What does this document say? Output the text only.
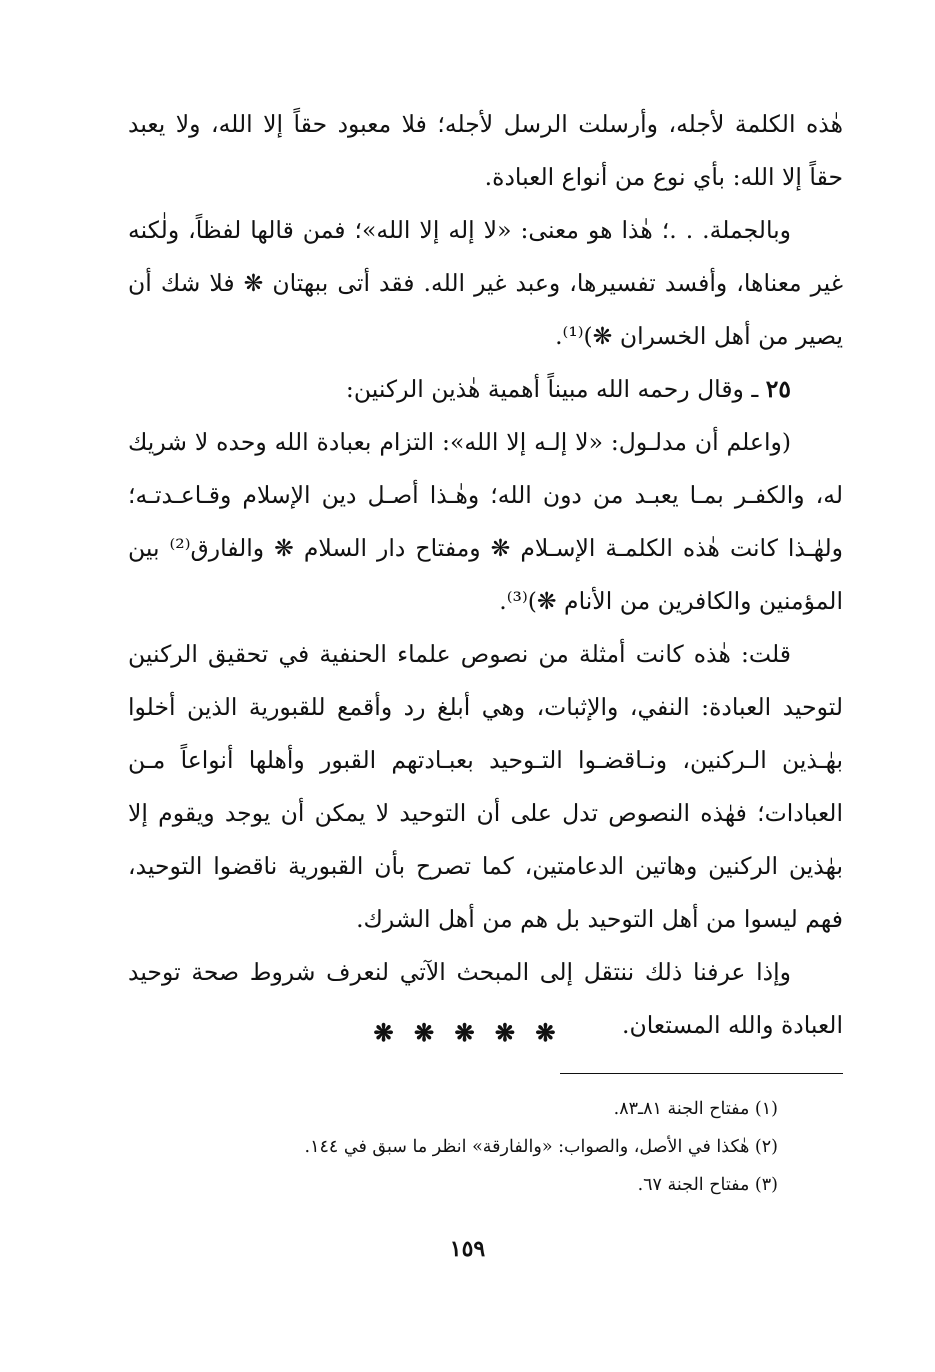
هٰذه الكلمة لأجله، وأرسلت الرسل لأجله؛ فلا معبود حقاً إلا الله، ولا يعبد حقاً إلا الله: بأي نوع من أنواع العبادة.

وبالجملة. . .؛ هٰذا هو معنى: «لا إله إلا الله»؛ فمن قالها لفظاً، ولٰكنه غير معناها، وأفسد تفسيرها، وعبد غير الله. فقد أتى ببهتان ❋ فلا شك أن يصير من أهل الخسران ❋)⁽¹⁾.

٢٥ ـ وقال رحمه الله مبيناً أهمية هٰذين الركنين:

(واعلم أن مدلـول: «لا إلـه إلا الله»: التزام بعبادة الله وحده لا شريك له، والكفـر بمـا يعبـد من دون الله؛ وهٰـذا أصـل دين الإسلام وقـاعـدتـه؛ ولهٰـذا كانت هٰذه الكلمـة الإسـلام ❋ ومفتاح دار السلام ❋ والفارق⁽²⁾ بين المؤمنين والكافرين من الأنام ❋)⁽³⁾.

قلت: هٰذه كانت أمثلة من نصوص علماء الحنفية في تحقيق الركنين لتوحيد العبادة: النفي، والإثبات، وهي أبلغ رد وأقمع للقبورية الذين أخلوا بهٰـذين الـركنين، ونـاقضـوا التـوحيد بعبـادتهم القبور وأهلها أنواعاً مـن العبادات؛ فهٰذه النصوص تدل على أن التوحيد لا يمكن أن يوجد ويقوم إلا بهٰذين الركنين وهاتين الدعامتين، كما تصرح بأن القبورية ناقضوا التوحيد، فهم ليسوا من أهل التوحيد بل هم من أهل الشرك.

وإذا عرفنا ذلك ننتقل إلى المبحث الآتي لنعرف شروط صحة توحيد العبادة والله المستعان.

❋ ❋ ❋ ❋ ❋

(١) مفتاح الجنة ٨١ـ٨٣.

(٢) هٰكذا في الأصل، والصواب: «والفارقة» انظر ما سبق في ١٤٤.

(٣) مفتاح الجنة ٦٧.

١٥٩
